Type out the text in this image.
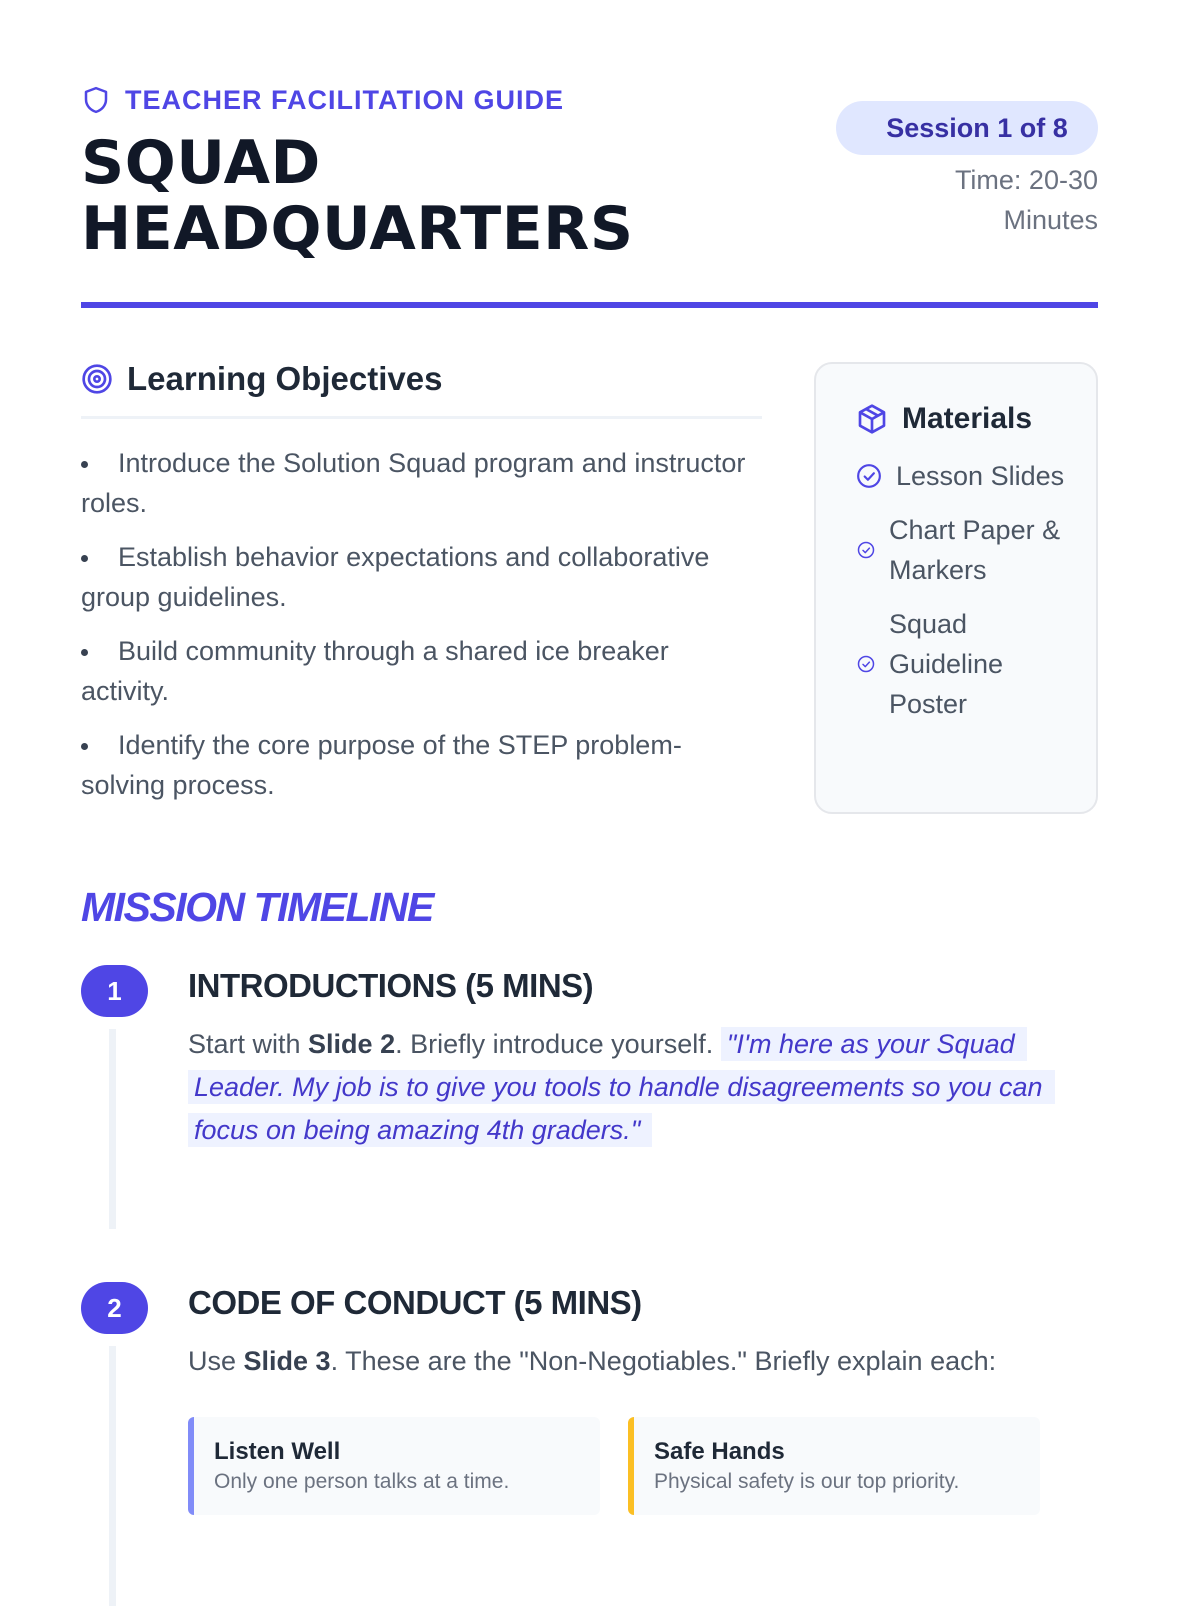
TEACHER FACILITATION GUIDE
SQUAD
HEADQUARTERS
Session 1 of 8
Time: 20-30 Minutes
Learning Objectives
Introduce the Solution Squad program and instructor roles.
Establish behavior expectations and collaborative group guidelines.
Build community through a shared ice breaker activity.
Identify the core purpose of the STEP problem-solving process.
Materials
Lesson Slides
Chart Paper & Markers
Squad Guideline Poster
MISSION TIMELINE
1	INTRODUCTIONS (5 MINS)
Start with Slide 2. Briefly introduce yourself. "I'm here as your Squad Leader. My job is to give you tools to handle disagreements so you can focus on being amazing 4th graders."
2	CODE OF CONDUCT (5 MINS)
Use Slide 3. These are the "Non-Negotiables." Briefly explain each:
Listen Well
Only one person talks at a time.
Safe Hands
Physical safety is our top priority.
